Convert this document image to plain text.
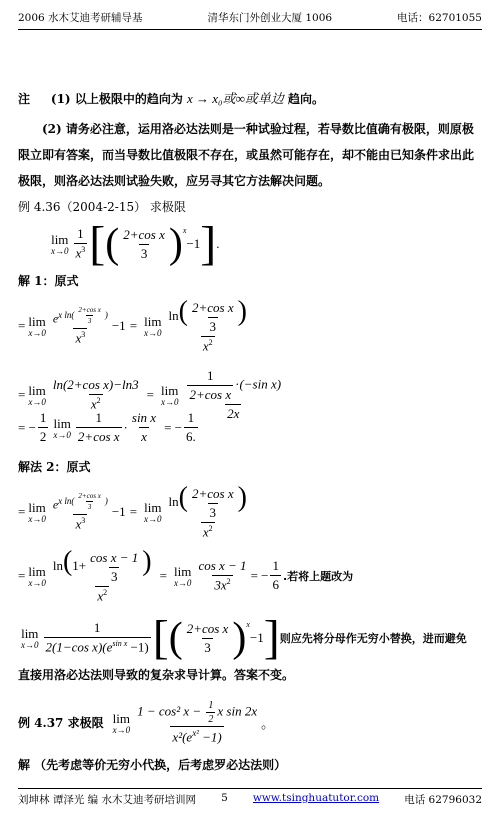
2006 水木艾迪考研辅导基	清华东门外创业大厦 1006	电话：62701055
注 (1) 以上极限中的趋向为 x → x₀或∞或单边 趋向。
(2) 请务必注意，运用洛必达法则是一种试验过程，若导数比值确有极限，则原极限立即有答案，而当导数比值极限不存在，或虽然可能存在，却不能由已知条件求出此极限，则洛必达法则试验失败，应另寻其它方法解决问题。
例 4.36（2004-2-15） 求极限
lim
$x\to 0 \frac{1}{x^3}$ [ ( $\frac{\text{2+cos x}}{3} )^x$
−1 ] .
解 1：原式
= lim
x→0 $e^{x ln( \frac{\text{2+cos x}}{3} )}$
$x^3 -1 = \lim$
$x\to 0 \frac{\ln( \frac{\text{2+cos x}}{3} )}{x^2}$
= lim
$x\to 0 \frac{\text{ln(2+cos x)−ln3}}{x^2} = \lim$
$x\to 0 \frac{\frac{1}{\text{2+cos x}} \cdot(-\sin x)}{2x}$
= − $\frac{1}{2}$ lim
$x\to 0 \frac{1}{\text{2+cos x}} \cdot \frac{\text{sin x}}{x}$ = − $\frac{1}{6.}$
解法 2：原式
= lim
x→0 $e^{x ln( \frac{\text{2+cos x}}{3} )}$
$x^3 -1 = \lim$
$x\to 0 \frac{\ln( \frac{\text{2+cos x}}{3} )}{x^2}$
= lim
$x\to 0 \frac{\ln(1+ \frac{\text{cos x − 1}}{3} )}{x^2} = \lim$
$x\to 0 \frac{\text{cos x − 1}}{3x^2}$ = − $\frac{1}{6}$ .若将上题改为
lim
$x\to 0 \frac{1}{2(1-\cos x)(e^{sin x} -1)}$ [ ( $\frac{\text{2+cos x}}{3} )^x$
−1 ] 则应先将分母作无穷小替换，进而避免
直接用洛必达法则导致的复杂求导计算。答案不变。
例 4.37 求极限 lim
$x\to 0 \frac{1 - \cos^2 x - \frac{1}{2} x \sin 2x}{x^2(e^{x^2} -1)}$ 。
解 （先考虑等价无穷小代换，后考虑罗必达法则）
刘坤林 谭泽光 编 水木艾迪考研培训网 5 www.tsinghuatutor.com 电话 62796032
